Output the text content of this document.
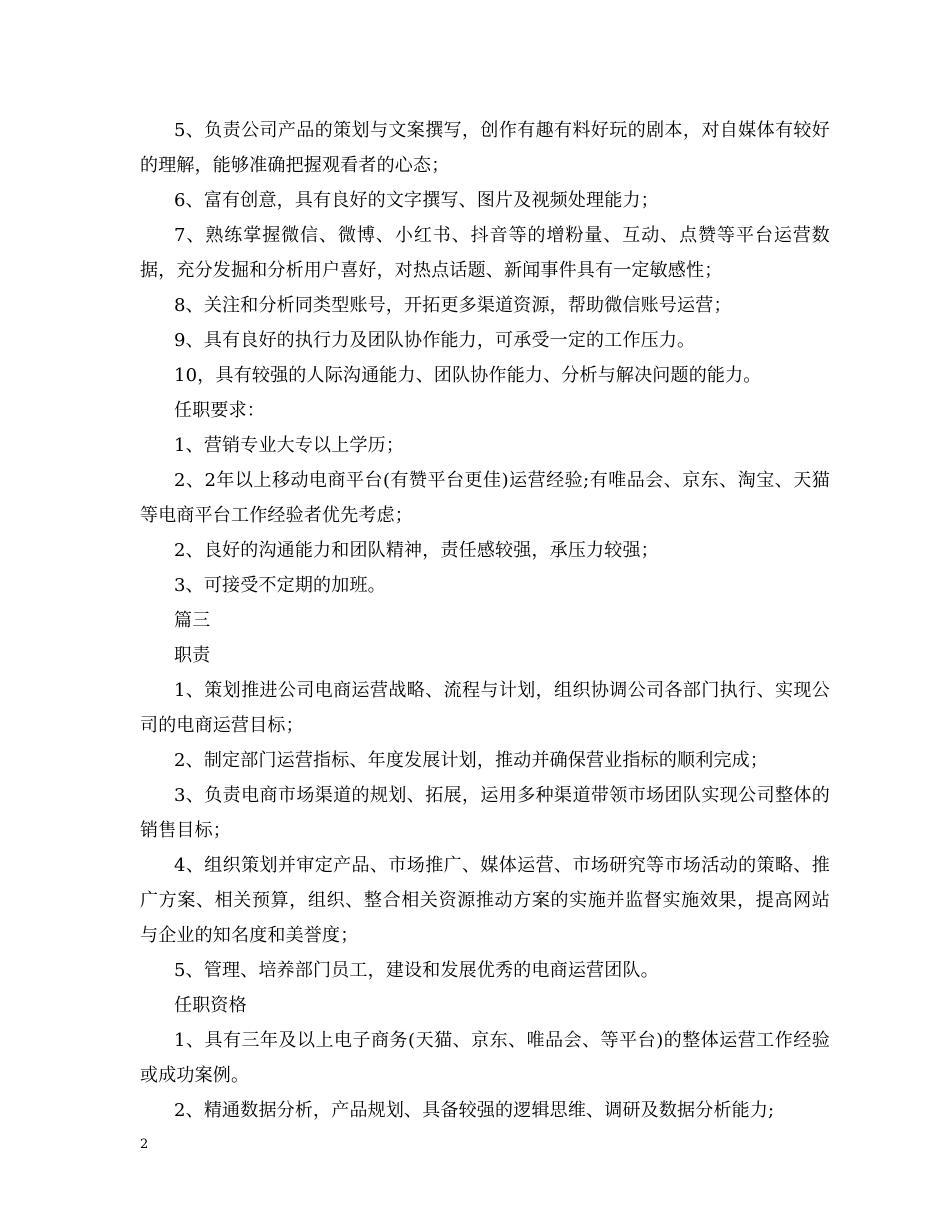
5、负责公司产品的策划与文案撰写，创作有趣有料好玩的剧本，对自媒体有较好的理解，能够准确把握观看者的心态；

6、富有创意，具有良好的文字撰写、图片及视频处理能力；

7、熟练掌握微信、微博、小红书、抖音等的增粉量、互动、点赞等平台运营数据，充分发掘和分析用户喜好，对热点话题、新闻事件具有一定敏感性；

8、关注和分析同类型账号，开拓更多渠道资源，帮助微信账号运营；

9、具有良好的执行力及团队协作能力，可承受一定的工作压力。

10，具有较强的人际沟通能力、团队协作能力、分析与解决问题的能力。

任职要求：

1、营销专业大专以上学历；

2、2年以上移动电商平台(有赞平台更佳)运营经验;有唯品会、京东、淘宝、天猫等电商平台工作经验者优先考虑；

2、良好的沟通能力和团队精神，责任感较强，承压力较强；

3、可接受不定期的加班。

篇三

职责

1、策划推进公司电商运营战略、流程与计划，组织协调公司各部门执行、实现公司的电商运营目标；

2、制定部门运营指标、年度发展计划，推动并确保营业指标的顺利完成；

3、负责电商市场渠道的规划、拓展，运用多种渠道带领市场团队实现公司整体的销售目标；

4、组织策划并审定产品、市场推广、媒体运营、市场研究等市场活动的策略、推广方案、相关预算，组织、整合相关资源推动方案的实施并监督实施效果，提高网站与企业的知名度和美誉度；

5、管理、培养部门员工，建设和发展优秀的电商运营团队。

任职资格

1、具有三年及以上电子商务(天猫、京东、唯品会、等平台)的整体运营工作经验或成功案例。

2、精通数据分析，产品规划、具备较强的逻辑思维、调研及数据分析能力;

2
